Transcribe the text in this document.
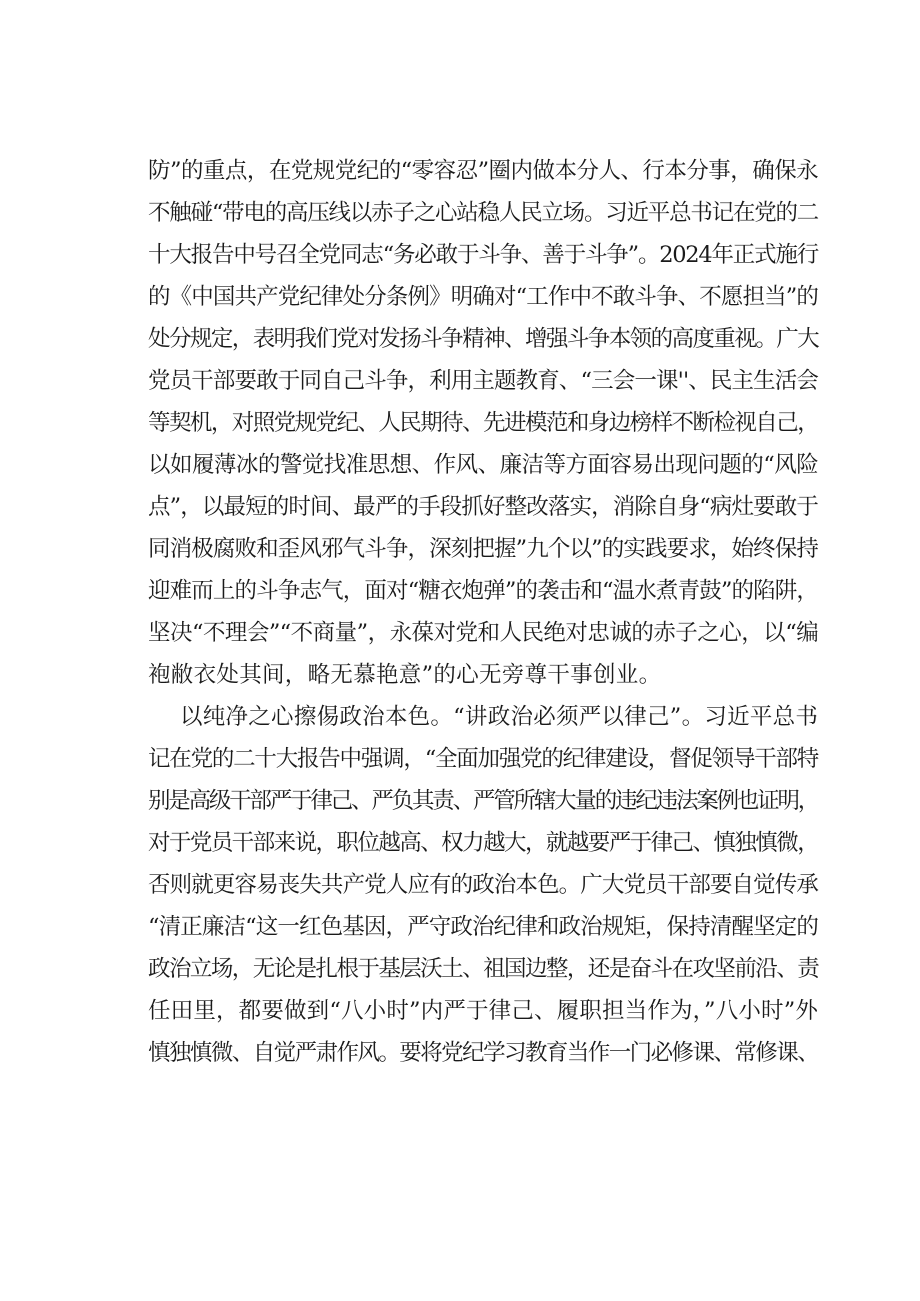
防”的重点，在党规党纪的“零容忍”圈内做本分人、行本分事，确保永
不触碰“带电的高压线以赤子之心站稳人民立场。习近平总书记在党的二
十大报告中号召全党同志“务必敢于斗争、善于斗争”。2024年正式施行
的《中国共产党纪律处分条例》明确对“工作中不敢斗争、不愿担当”的
处分规定，表明我们党对发扬斗争精神、增强斗争本领的高度重视。广大
党员干部要敢于同自己斗争，利用主题教育、“三会一课''、民主生活会
等契机，对照党规党纪、人民期待、先进模范和身边榜样不断检视自己，
以如履薄冰的警觉找准思想、作风、廉洁等方面容易出现问题的“风险
点”，以最短的时间、最严的手段抓好整改落实，消除自身“病灶要敢于
同消极腐败和歪风邪气斗争，深刻把握”九个以”的实践要求，始终保持
迎难而上的斗争志气，面对“糖衣炮弹”的袭击和“温水煮青鼓”的陷阱，
坚决“不理会”“不商量”，永葆对党和人民绝对忠诚的赤子之心，以“编
袍敝衣处其间，略无慕艳意”的心无旁尊干事创业。
以纯净之心擦㑥政治本色。“讲政治必须严以律己”。习近平总书
记在党的二十大报告中强调，“全面加强党的纪律建设，督促领导干部特
别是高级干部严于律己、严负其责、严管所辖大量的违纪违法案例也证明，
对于党员干部来说，职位越高、权力越大，就越要严于律己、慎独慎微，
否则就更容易丧失共产党人应有的政治本色。广大党员干部要自觉传承
“清正廉洁“这一红色基因，严守政治纪律和政治规矩，保持清醒坚定的
政治立场，无论是扎根于基层沃土、祖国边整，还是奋斗在攻坚前沿、责
任田里，都要做到“八小时”内严于律己、履职担当作为，”八小时”外
慎独慎微、自觉严肃作风。要将党纪学习教育当作一门必修课、常修课、
